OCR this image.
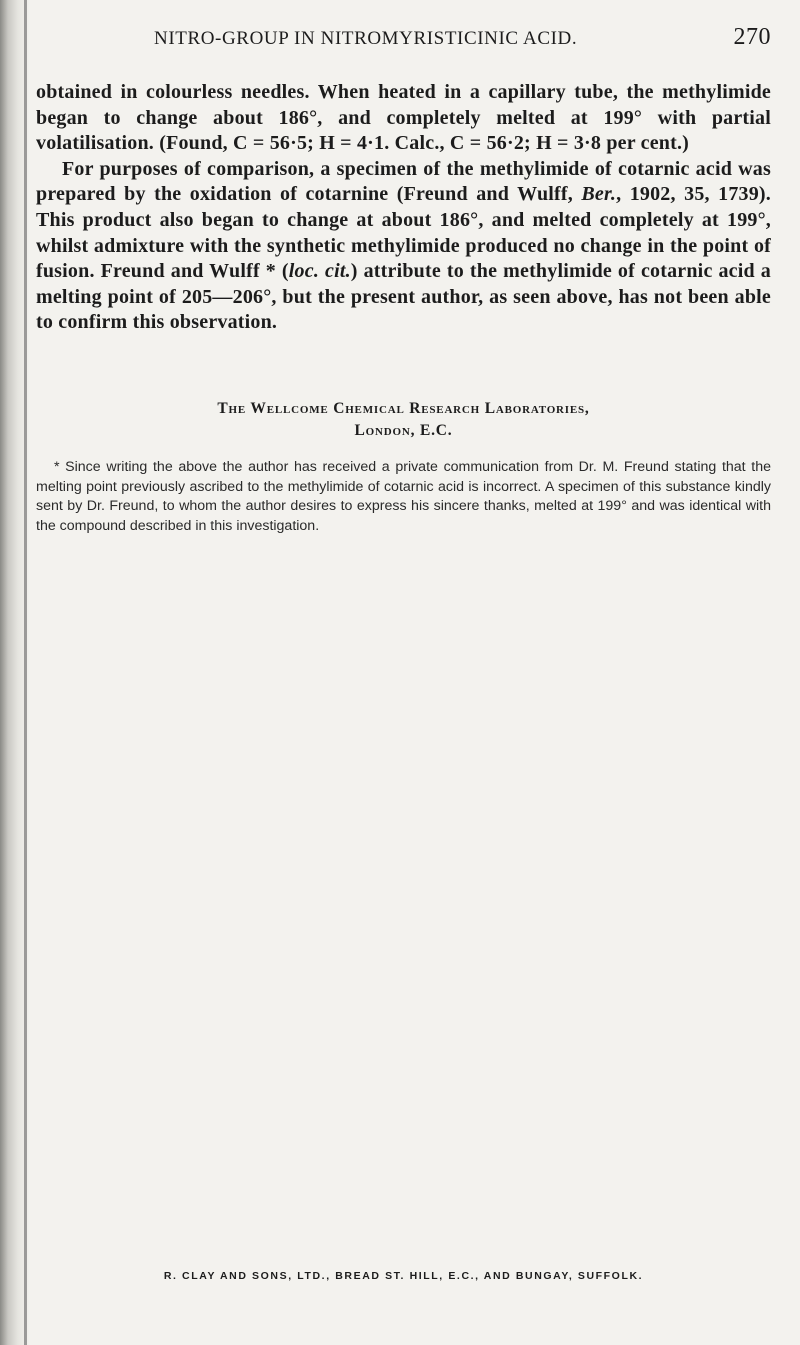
NITRO-GROUP IN NITROMYRISTICINIC ACID.	270

obtained in colourless needles. When heated in a capillary tube, the methylimide began to change about 186°, and completely melted at 199° with partial volatilisation. (Found, C = 56·5; H = 4·1. Calc., C = 56·2; H = 3·8 per cent.)

For purposes of comparison, a specimen of the methylimide of cotarnic acid was prepared by the oxidation of cotarnine (Freund and Wulff, Ber., 1902, 35, 1739). This product also began to change at about 186°, and melted completely at 199°, whilst admixture with the synthetic methylimide produced no change in the point of fusion. Freund and Wulff * (loc. cit.) attribute to the methylimide of cotarnic acid a melting point of 205—206°, but the present author, as seen above, has not been able to confirm this observation.

The Wellcome Chemical Research Laboratories,
London, E.C.

* Since writing the above the author has received a private communication from Dr. M. Freund stating that the melting point previously ascribed to the methylimide of cotarnic acid is incorrect. A specimen of this substance kindly sent by Dr. Freund, to whom the author desires to express his sincere thanks, melted at 199° and was identical with the compound described in this investigation.

R. CLAY AND SONS, LTD., BREAD ST. HILL, E.C., AND BUNGAY, SUFFOLK.
